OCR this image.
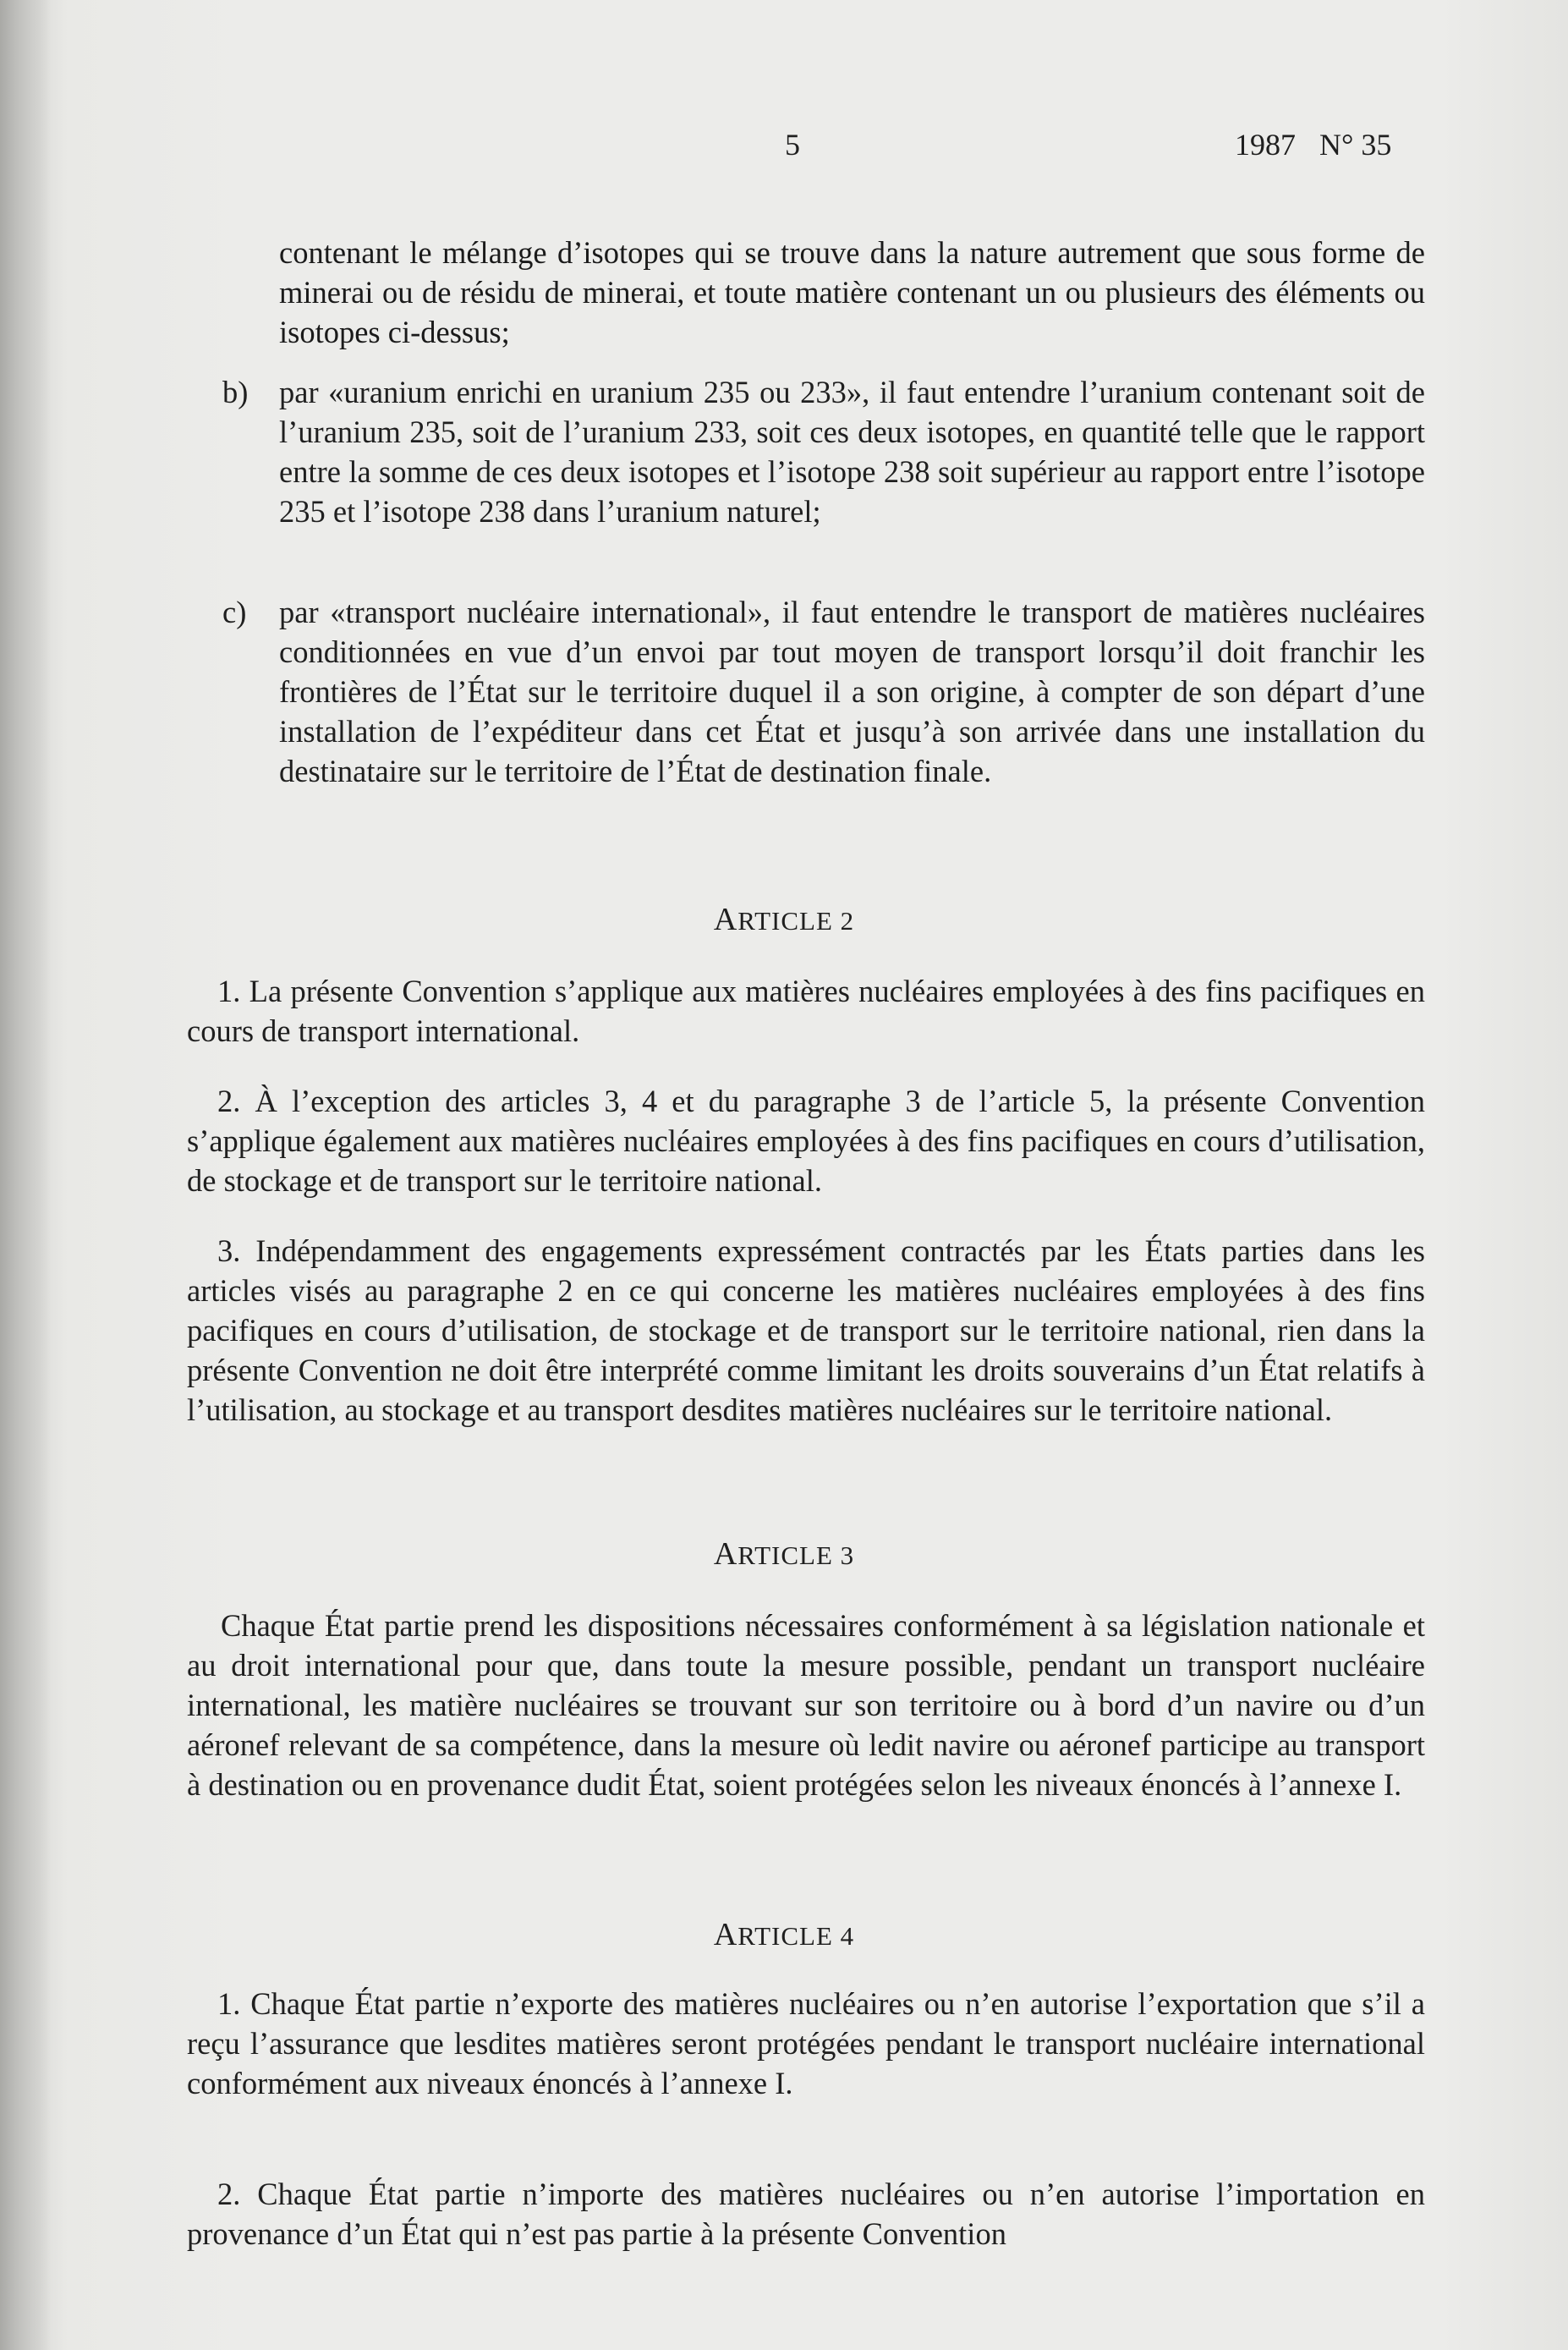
5	1987 N° 35
contenant le mélange d’isotopes qui se trouve dans la nature autrement que sous forme de minerai ou de résidu de minerai, et toute matière contenant un ou plusieurs des éléments ou isotopes ci-dessus;
b) par «uranium enrichi en uranium 235 ou 233», il faut entendre l’uranium contenant soit de l’uranium 235, soit de l’uranium 233, soit ces deux isotopes, en quantité telle que le rapport entre la somme de ces deux isotopes et l’isotope 238 soit supérieur au rapport entre l’isotope 235 et l’isotope 238 dans l’uranium naturel;
c) par «transport nucléaire international», il faut entendre le transport de matières nucléaires conditionnées en vue d’un envoi par tout moyen de transport lorsqu’il doit franchir les frontières de l’État sur le territoire duquel il a son origine, à compter de son départ d’une installation de l’expéditeur dans cet État et jusqu’à son arrivée dans une installation du destinataire sur le territoire de l’État de destination finale.
ARTICLE 2
1. La présente Convention s’applique aux matières nucléaires employées à des fins pacifiques en cours de transport international.
2. À l’exception des articles 3, 4 et du paragraphe 3 de l’article 5, la présente Convention s’applique également aux matières nucléaires employées à des fins pacifiques en cours d’utilisation, de stockage et de transport sur le territoire national.
3. Indépendamment des engagements expressément contractés par les États parties dans les articles visés au paragraphe 2 en ce qui concerne les matières nucléaires employées à des fins pacifiques en cours d’utilisation, de stockage et de transport sur le territoire national, rien dans la présente Convention ne doit être interprété comme limitant les droits souverains d’un État relatifs à l’utilisation, au stockage et au transport desdites matières nucléaires sur le territoire national.
ARTICLE 3
Chaque État partie prend les dispositions nécessaires conformément à sa législation nationale et au droit international pour que, dans toute la mesure possible, pendant un transport nucléaire international, les matière nucléaires se trouvant sur son territoire ou à bord d’un navire ou d’un aéronef relevant de sa compétence, dans la mesure où ledit navire ou aéronef participe au transport à destination ou en provenance dudit État, soient protégées selon les niveaux énoncés à l’annexe I.
ARTICLE 4
1. Chaque État partie n’exporte des matières nucléaires ou n’en autorise l’exportation que s’il a reçu l’assurance que lesdites matières seront protégées pendant le transport nucléaire international conformément aux niveaux énoncés à l’annexe I.
2. Chaque État partie n’importe des matières nucléaires ou n’en autorise l’importation en provenance d’un État qui n’est pas partie à la présente Convention
